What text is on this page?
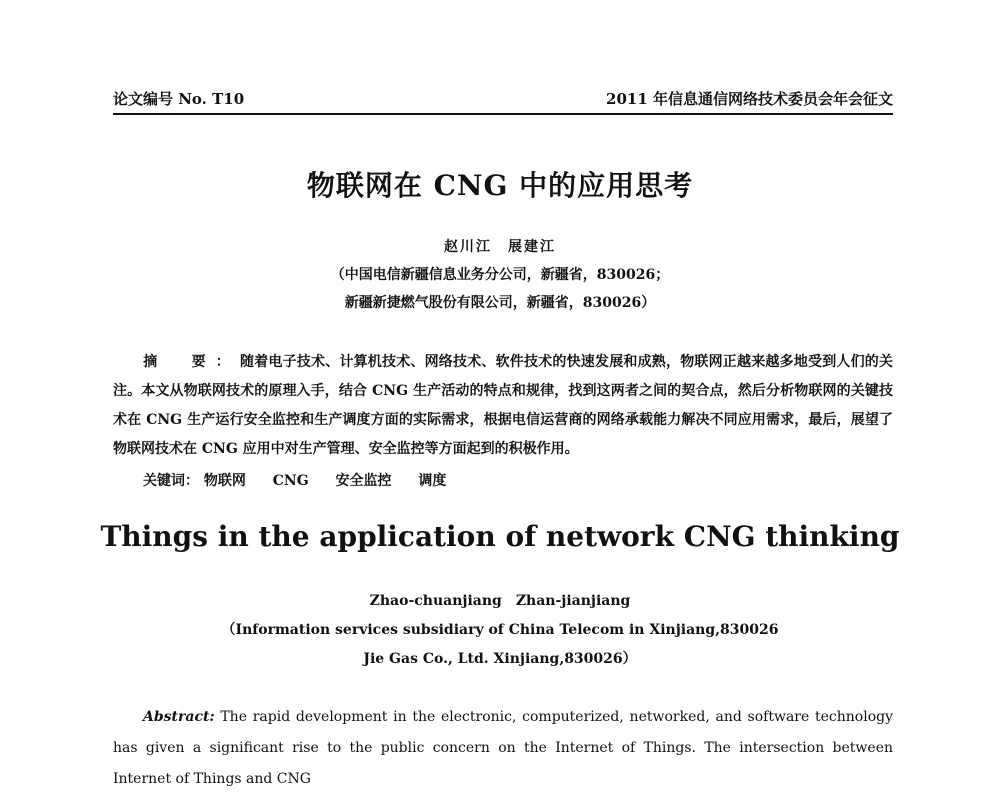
论文编号 No. T10	2011 年信息通信网络技术委员会年会征文
物联网在 CNG 中的应用思考
赵川江　展建江
（中国电信新疆信息业务分公司，新疆省，830026；
新疆新捷燃气股份有限公司，新疆省，830026）
摘　要：随着电子技术、计算机技术、网络技术、软件技术的快速发展和成熟，物联网正越来越多地受到人们的关注。本文从物联网技术的原理入手，结合 CNG 生产活动的特点和规律，找到这两者之间的契合点，然后分析物联网的关键技术在 CNG 生产运行安全监控和生产调度方面的实际需求，根据电信运营商的网络承载能力解决不同应用需求，最后，展望了物联网技术在 CNG 应用中对生产管理、安全监控等方面起到的积极作用。
关键词： 物联网 CNG 安全监控 调度
Things in the application of network CNG thinking
Zhao-chuanjiang　Zhan-jianjiang
（Information services subsidiary of China Telecom in Xinjiang,830026
Jie Gas Co., Ltd. Xinjiang,830026）
Abstract: The rapid development in the electronic, computerized, networked, and software technology has given a significant rise to the public concern on the Internet of Things. The intersection between Internet of Things and CNG
